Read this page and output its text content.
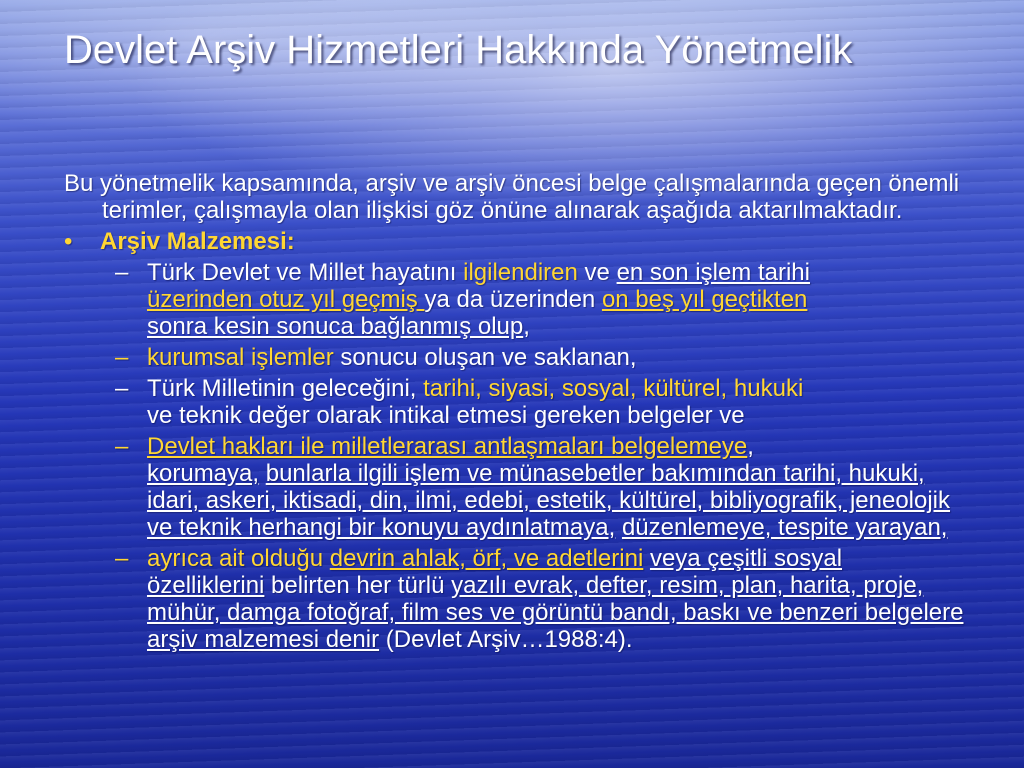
Devlet Arşiv Hizmetleri Hakkında Yönetmelik

Bu yönetmelik kapsamında, arşiv ve arşiv öncesi belge çalışmalarında geçen önemli terimler, çalışmayla olan ilişkisi göz önüne alınarak aşağıda aktarılmaktadır.

• Arşiv Malzemesi:
– Türk Devlet ve Millet hayatını ilgilendiren ve en son işlem tarihi
üzerinden otuz yıl geçmiş ya da üzerinden on beş yıl geçtikten
sonra kesin sonuca bağlanmış olup,
– kurumsal işlemler sonucu oluşan ve saklanan,
– Türk Milletinin geleceğini, tarihi, siyasi, sosyal, kültürel, hukuki
ve teknik değer olarak intikal etmesi gereken belgeler ve
– Devlet hakları ile milletlerarası antlaşmaları belgelemeye,
korumaya, bunlarla ilgili işlem ve münasebetler bakımından tarihi, hukuki, idari, askeri, iktisadi, din, ilmi, edebi, estetik, kültürel, bibliyografik, jeneolojik ve teknik herhangi bir konuyu aydınlatmaya, düzenlemeye, tespite yarayan,
– ayrıca ait olduğu devrin ahlak, örf, ve adetlerini veya çeşitli sosyal özelliklerini belirten her türlü yazılı evrak, defter, resim, plan, harita, proje, mühür, damga fotoğraf, film ses ve görüntü bandı, baskı ve benzeri belgelere arşiv malzemesi denir (Devlet Arşiv…1988:4).
